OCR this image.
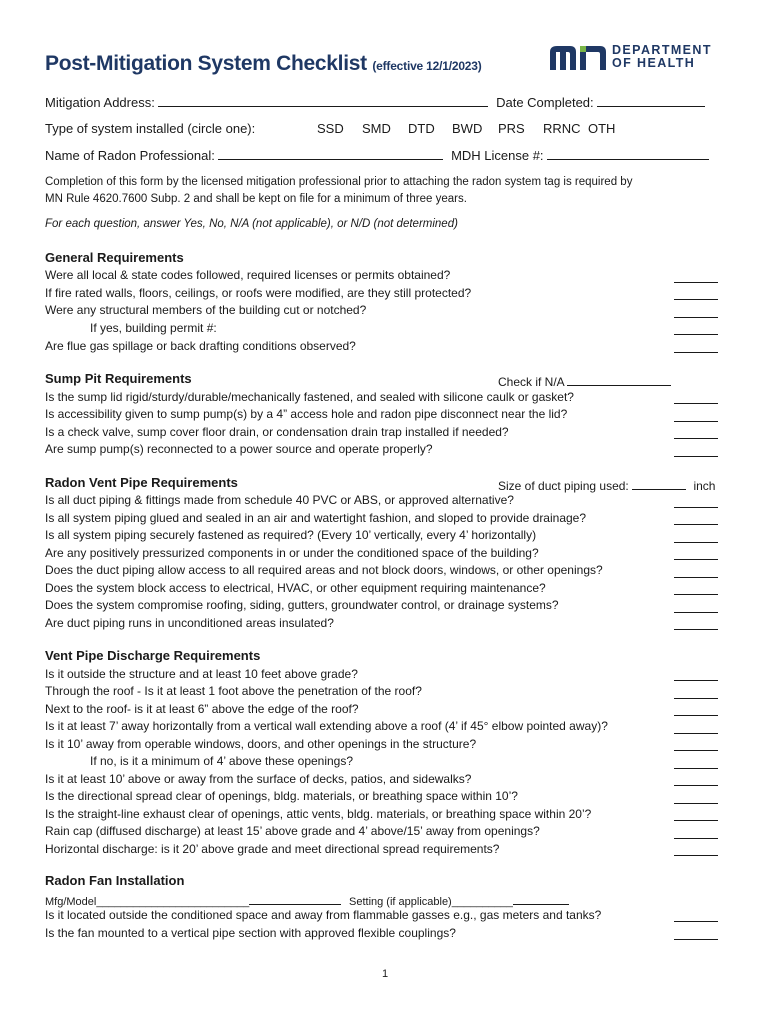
Post-Mitigation System Checklist (effective 12/1/2023)
DEPARTMENT
OF HEALTH
Mitigation Address:	Date Completed:
Type of system installed (circle one):	SSD SMD DTD BWD PRS RRNC OTH
Name of Radon Professional:	MDH License #:
Completion of this form by the licensed mitigation professional prior to attaching the radon system tag is required by
MN Rule 4620.7600 Subp. 2 and shall be kept on file for a minimum of three years.
For each question, answer Yes, No, N/A (not applicable), or N/D (not determined)
General Requirements
Were all local & state codes followed, required licenses or permits obtained?
If fire rated walls, floors, ceilings, or roofs were modified, are they still protected?
Were any structural members of the building cut or notched?
If yes, building permit #:
Are flue gas spillage or back drafting conditions observed?
Sump Pit Requirements	Check if N/A
Is the sump lid rigid/sturdy/durable/mechanically fastened, and sealed with silicone caulk or gasket?
Is accessibility given to sump pump(s) by a 4” access hole and radon pipe disconnect near the lid?
Is a check valve, sump cover floor drain, or condensation drain trap installed if needed?
Are sump pump(s) reconnected to a power source and operate properly?
Radon Vent Pipe Requirements	Size of duct piping used:	inch
Is all duct piping & fittings made from schedule 40 PVC or ABS, or approved alternative?
Is all system piping glued and sealed in an air and watertight fashion, and sloped to provide drainage?
Is all system piping securely fastened as required? (Every 10’ vertically, every 4’ horizontally)
Are any positively pressurized components in or under the conditioned space of the building?
Does the duct piping allow access to all required areas and not block doors, windows, or other openings?
Does the system block access to electrical, HVAC, or other equipment requiring maintenance?
Does the system compromise roofing, siding, gutters, groundwater control, or drainage systems?
Are duct piping runs in unconditioned areas insulated?
Vent Pipe Discharge Requirements
Is it outside the structure and at least 10 feet above grade?
Through the roof - Is it at least 1 foot above the penetration of the roof?
Next to the roof- is it at least 6” above the edge of the roof?
Is it at least 7’ away horizontally from a vertical wall extending above a roof (4’ if 45° elbow pointed away)?
Is it 10’ away from operable windows, doors, and other openings in the structure?
If no, is it a minimum of 4’ above these openings?
Is it at least 10’ above or away from the surface of decks, patios, and sidewalks?
Is the directional spread clear of openings, bldg. materials, or breathing space within 10’?
Is the straight-line exhaust clear of openings, attic vents, bldg. materials, or breathing space within 20’?
Rain cap (diffused discharge) at least 15’ above grade and 4’ above/15’ away from openings?
Horizontal discharge: is it 20’ above grade and meet directional spread requirements?
Radon Fan Installation
Mfg/Model_________________________	Setting (if applicable)__________
Is it located outside the conditioned space and away from flammable gasses e.g., gas meters and tanks?
Is the fan mounted to a vertical pipe section with approved flexible couplings?
1
